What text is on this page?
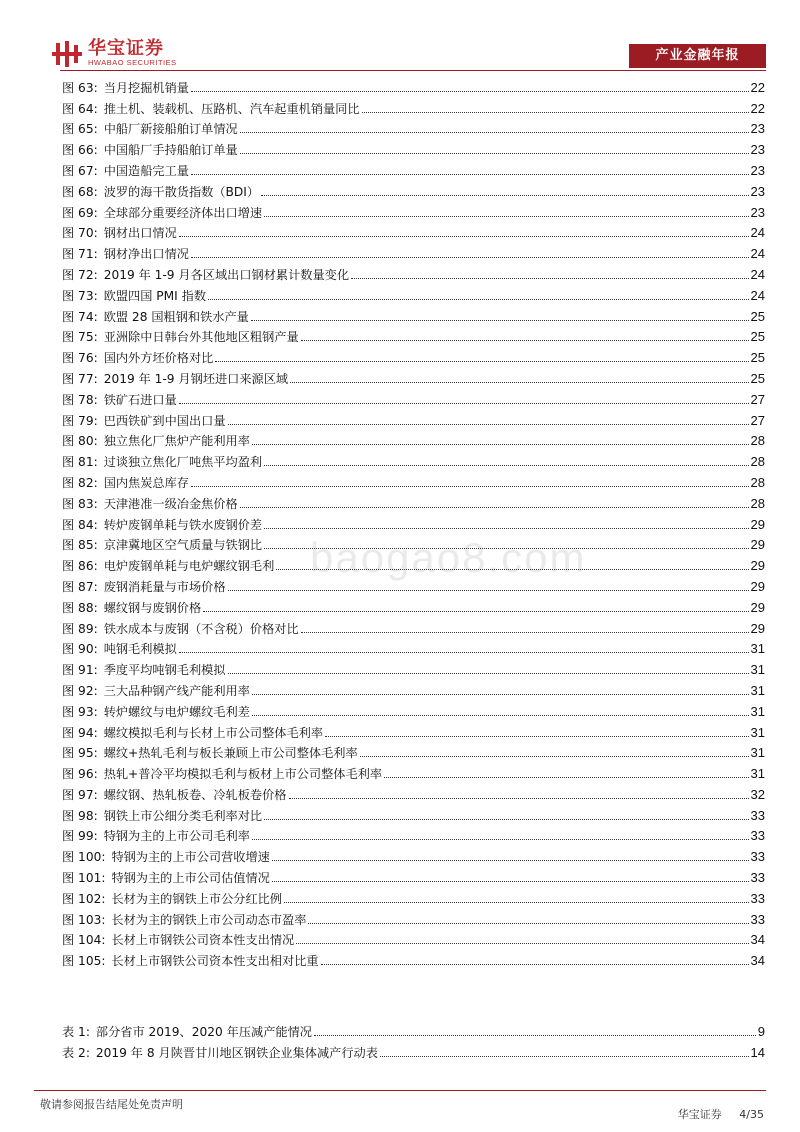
华宝证券
HWABAO SECURITIES	产业金融年报
baogao8.com
图 63: 当月挖掘机销量	22
图 64: 推土机、装载机、压路机、汽车起重机销量同比	22
图 65: 中船厂新接船舶订单情况	23
图 66: 中国船厂手持船舶订单量	23
图 67: 中国造船完工量	23
图 68: 波罗的海干散货指数（BDI）	23
图 69: 全球部分重要经济体出口增速	23
图 70: 钢材出口情况	24
图 71: 钢材净出口情况	24
图 72: 2019 年 1-9 月各区域出口钢材累计数量变化	24
图 73: 欧盟四国 PMI 指数	24
图 74: 欧盟 28 国粗钢和铁水产量	25
图 75: 亚洲除中日韩台外其他地区粗钢产量	25
图 76: 国内外方坯价格对比	25
图 77: 2019 年 1-9 月钢坯进口来源区域	25
图 78: 铁矿石进口量	27
图 79: 巴西铁矿到中国出口量	27
图 80: 独立焦化厂焦炉产能利用率	28
图 81: 过谈独立焦化厂吨焦平均盈利	28
图 82: 国内焦炭总库存	28
图 83: 天津港准一级冶金焦价格	28
图 84: 转炉废钢单耗与铁水废钢价差	29
图 85: 京津冀地区空气质量与铁钢比	29
图 86: 电炉废钢单耗与电炉螺纹钢毛利	29
图 87: 废钢消耗量与市场价格	29
图 88: 螺纹钢与废钢价格	29
图 89: 铁水成本与废钢（不含税）价格对比	29
图 90: 吨钢毛利模拟	31
图 91: 季度平均吨钢毛利模拟	31
图 92: 三大品种钢产线产能利用率	31
图 93: 转炉螺纹与电炉螺纹毛利差	31
图 94: 螺纹模拟毛利与长材上市公司整体毛利率	31
图 95: 螺纹+热轧毛利与板长兼顾上市公司整体毛利率	31
图 96: 热轧+普冷平均模拟毛利与板材上市公司整体毛利率	31
图 97: 螺纹钢、热轧板卷、冷轧板卷价格	32
图 98: 钢铁上市公细分类毛利率对比	33
图 99: 特钢为主的上市公司毛利率	33
图 100: 特钢为主的上市公司营收增速	33
图 101: 特钢为主的上市公司估值情况	33
图 102: 长材为主的钢铁上市公分红比例	33
图 103: 长材为主的钢铁上市公司动态市盈率	33
图 104: 长材上市钢铁公司资本性支出情况	34
图 105: 长材上市钢铁公司资本性支出相对比重	34
表 1: 部分省市 2019、2020 年压减产能情况	9
表 2: 2019 年 8 月陕晋甘川地区钢铁企业集体减产行动表	14
敬请参阅报告结尾处免责声明
华宝证券 4/35
